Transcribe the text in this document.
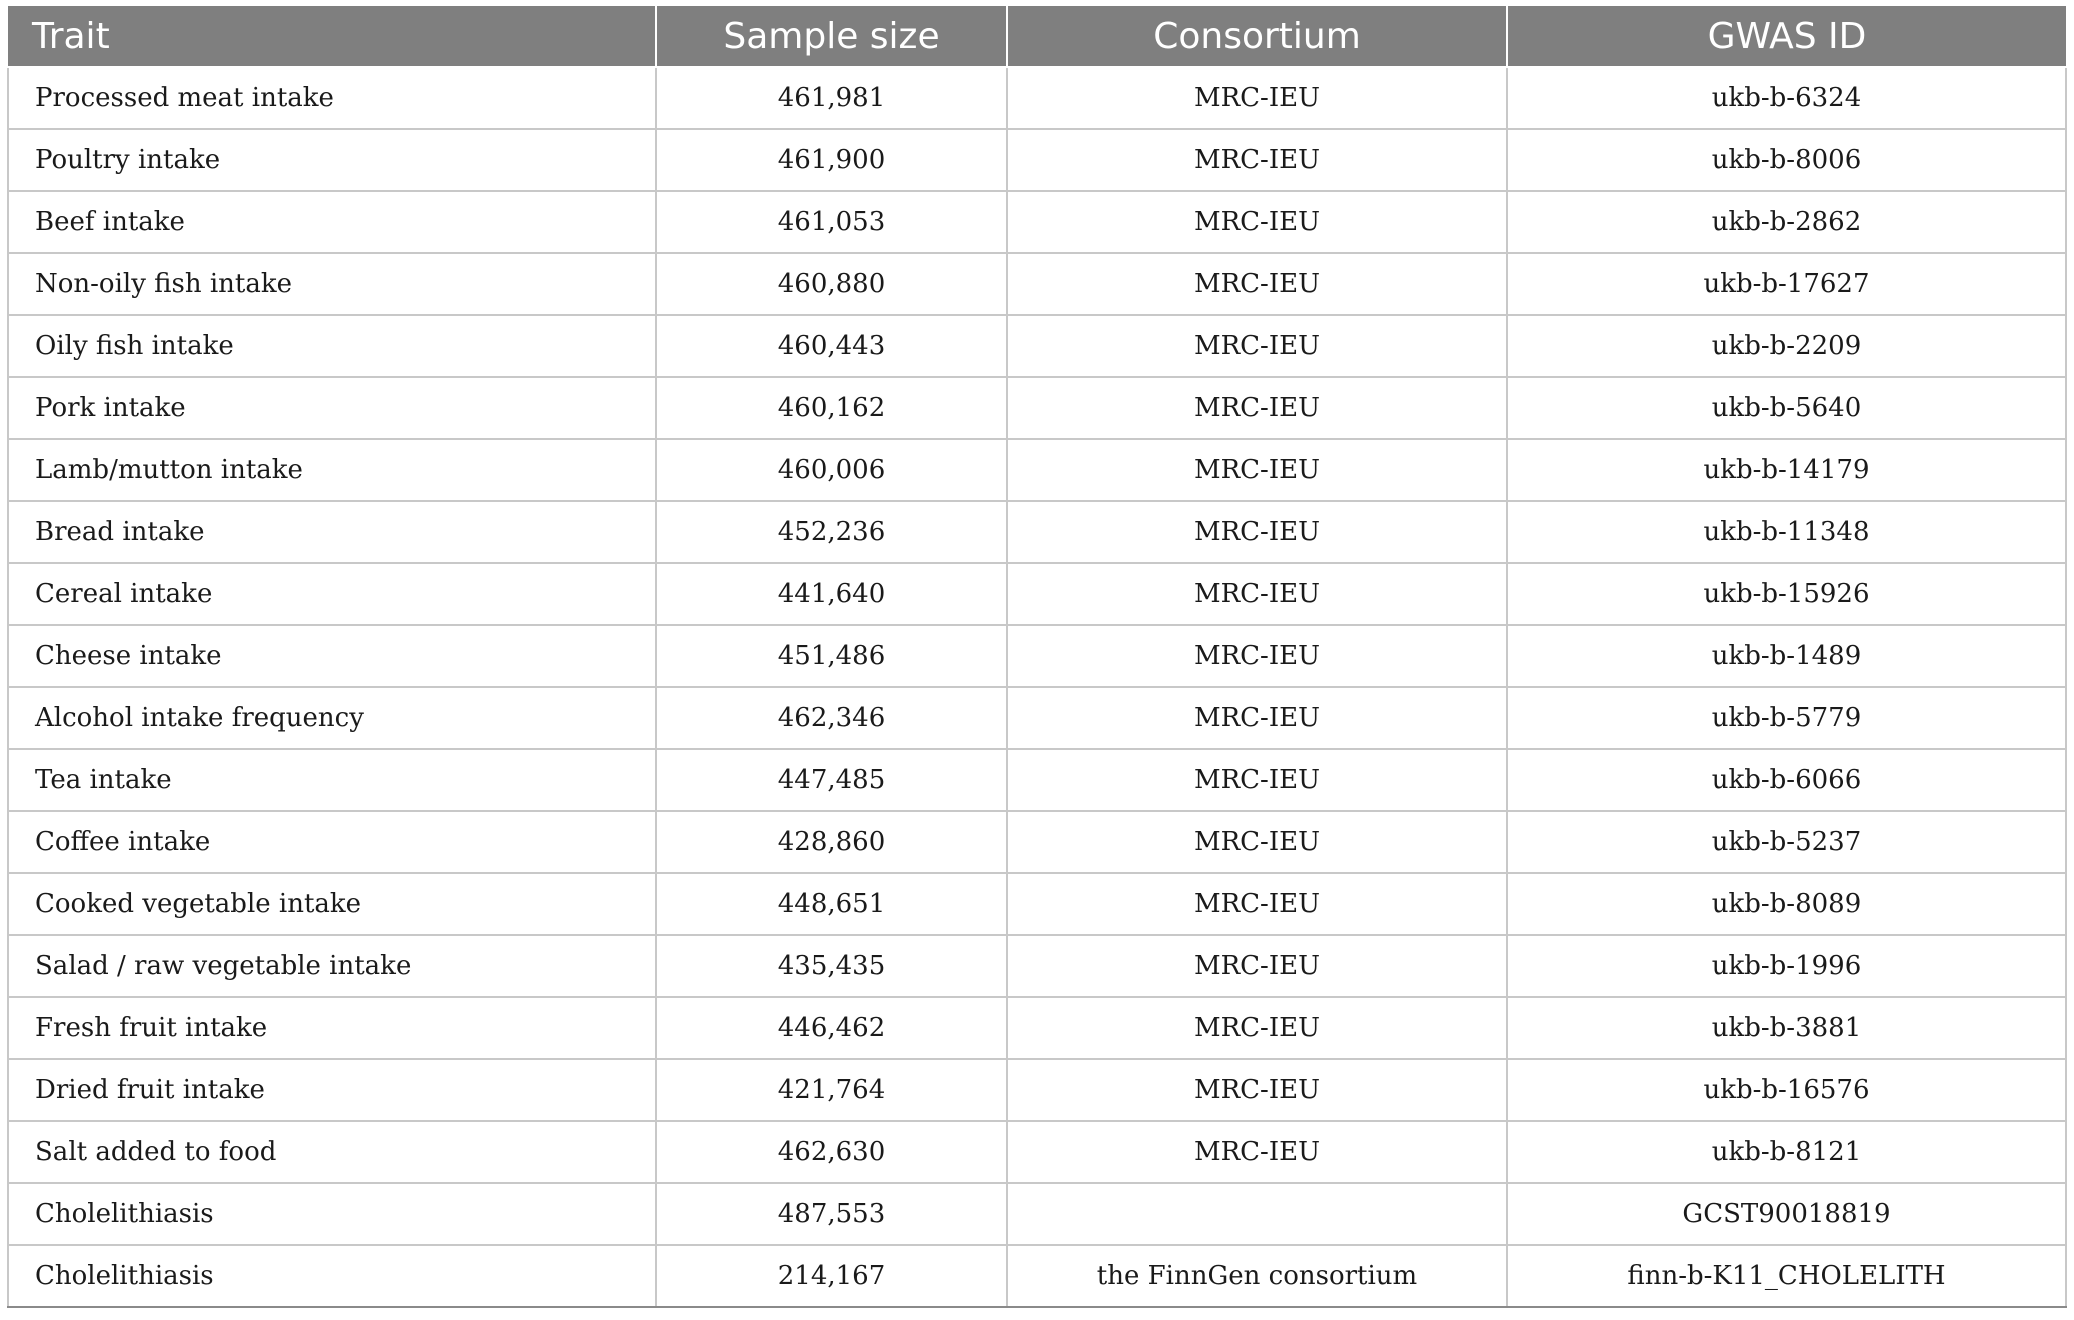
Trait	Sample size	Consortium	GWAS ID
Processed meat intake	461,981	MRC-IEU	ukb-b-6324
Poultry intake	461,900	MRC-IEU	ukb-b-8006
Beef intake	461,053	MRC-IEU	ukb-b-2862
Non-oily fish intake	460,880	MRC-IEU	ukb-b-17627
Oily fish intake	460,443	MRC-IEU	ukb-b-2209
Pork intake	460,162	MRC-IEU	ukb-b-5640
Lamb/mutton intake	460,006	MRC-IEU	ukb-b-14179
Bread intake	452,236	MRC-IEU	ukb-b-11348
Cereal intake	441,640	MRC-IEU	ukb-b-15926
Cheese intake	451,486	MRC-IEU	ukb-b-1489
Alcohol intake frequency	462,346	MRC-IEU	ukb-b-5779
Tea intake	447,485	MRC-IEU	ukb-b-6066
Coffee intake	428,860	MRC-IEU	ukb-b-5237
Cooked vegetable intake	448,651	MRC-IEU	ukb-b-8089
Salad / raw vegetable intake	435,435	MRC-IEU	ukb-b-1996
Fresh fruit intake	446,462	MRC-IEU	ukb-b-3881
Dried fruit intake	421,764	MRC-IEU	ukb-b-16576
Salt added to food	462,630	MRC-IEU	ukb-b-8121
Cholelithiasis	487,553		GCST90018819
Cholelithiasis	214,167	the FinnGen consortium	finn-b-K11_CHOLELITH
